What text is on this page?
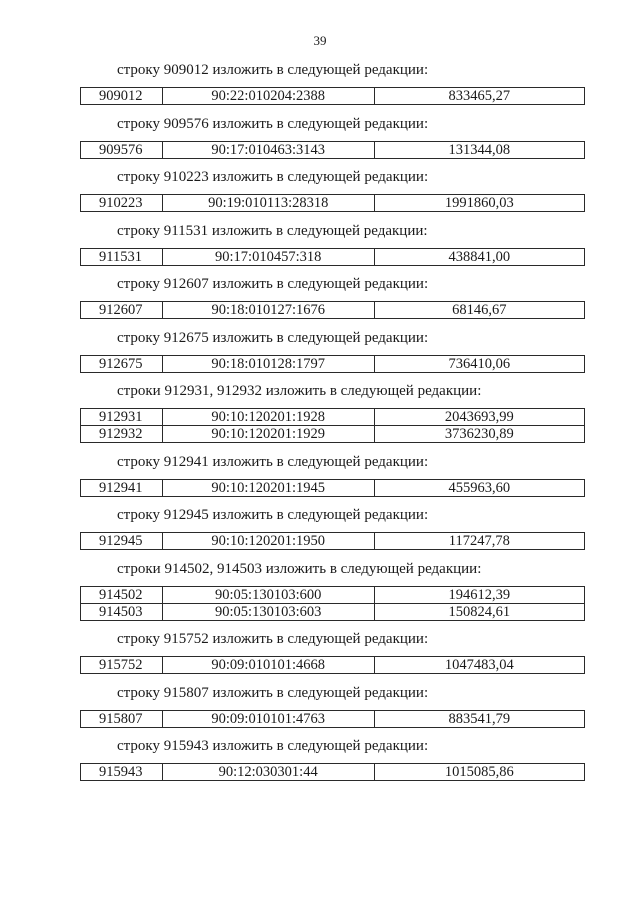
39
строку 909012 изложить в следующей редакции:
909012	90:22:010204:2388	833465,27
строку 909576 изложить в следующей редакции:
909576	90:17:010463:3143	131344,08
строку 910223 изложить в следующей редакции:
910223	90:19:010113:28318	1991860,03
строку 911531 изложить в следующей редакции:
911531	90:17:010457:318	438841,00
строку 912607 изложить в следующей редакции:
912607	90:18:010127:1676	68146,67
строку 912675 изложить в следующей редакции:
912675	90:18:010128:1797	736410,06
строки 912931, 912932 изложить в следующей редакции:
912931	90:10:120201:1928	2043693,99
912932	90:10:120201:1929	3736230,89
строку 912941 изложить в следующей редакции:
912941	90:10:120201:1945	455963,60
строку 912945 изложить в следующей редакции:
912945	90:10:120201:1950	117247,78
строки 914502, 914503 изложить в следующей редакции:
914502	90:05:130103:600	194612,39
914503	90:05:130103:603	150824,61
строку 915752 изложить в следующей редакции:
915752	90:09:010101:4668	1047483,04
строку 915807 изложить в следующей редакции:
915807	90:09:010101:4763	883541,79
строку 915943 изложить в следующей редакции:
915943	90:12:030301:44	1015085,86
